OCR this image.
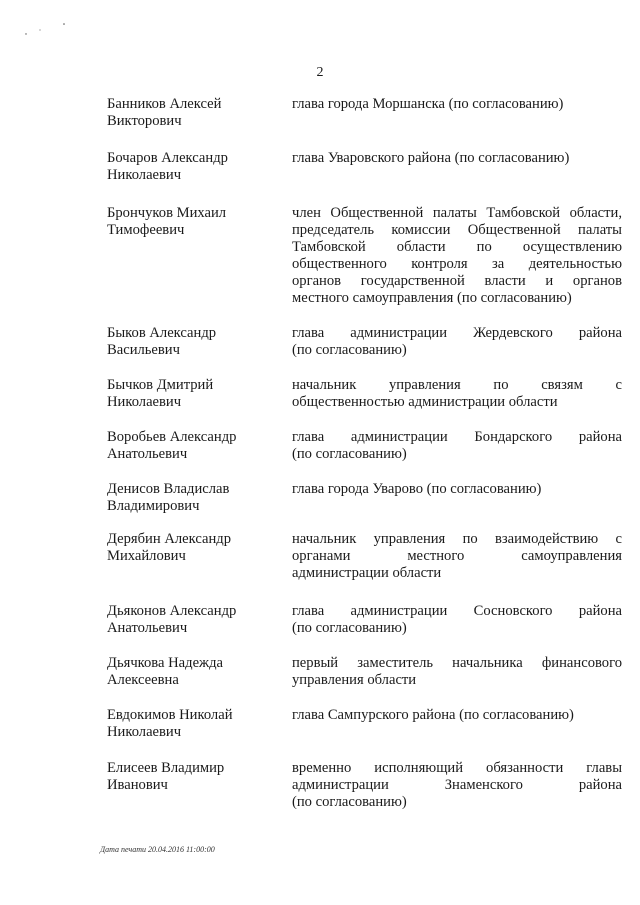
2
Банников Алексей
Викторович
глава города Моршанска (по согласованию)
Бочаров Александр
Николаевич
глава Уваровского района (по согласованию)
Брончуков Михаил
Тимофеевич
член Общественной палаты Тамбовской области,
председатель комиссии Общественной палаты
Тамбовской области по осуществлению
общественного контроля за деятельностью
органов государственной власти и органов
местного самоуправления (по согласованию)
Быков Александр
Васильевич
глава администрации Жердевского района
(по согласованию)
Бычков Дмитрий
Николаевич
начальник управления по связям с
общественностью администрации области
Воробьев Александр
Анатольевич
глава администрации Бондарского района
(по согласованию)
Денисов Владислав
Владимирович
глава города Уварово (по согласованию)
Дерябин Александр
Михайлович
начальник управления по взаимодействию с
органами местного самоуправления
администрации области
Дьяконов Александр
Анатольевич
глава администрации Сосновского района
(по согласованию)
Дьячкова Надежда
Алексеевна
первый заместитель начальника финансового
управления области
Евдокимов Николай
Николаевич
глава Сампурского района (по согласованию)
Елисеев Владимир
Иванович
временно исполняющий обязанности главы
администрации Знаменского района
(по согласованию)
Дата печати 20.04.2016 11:00:00
